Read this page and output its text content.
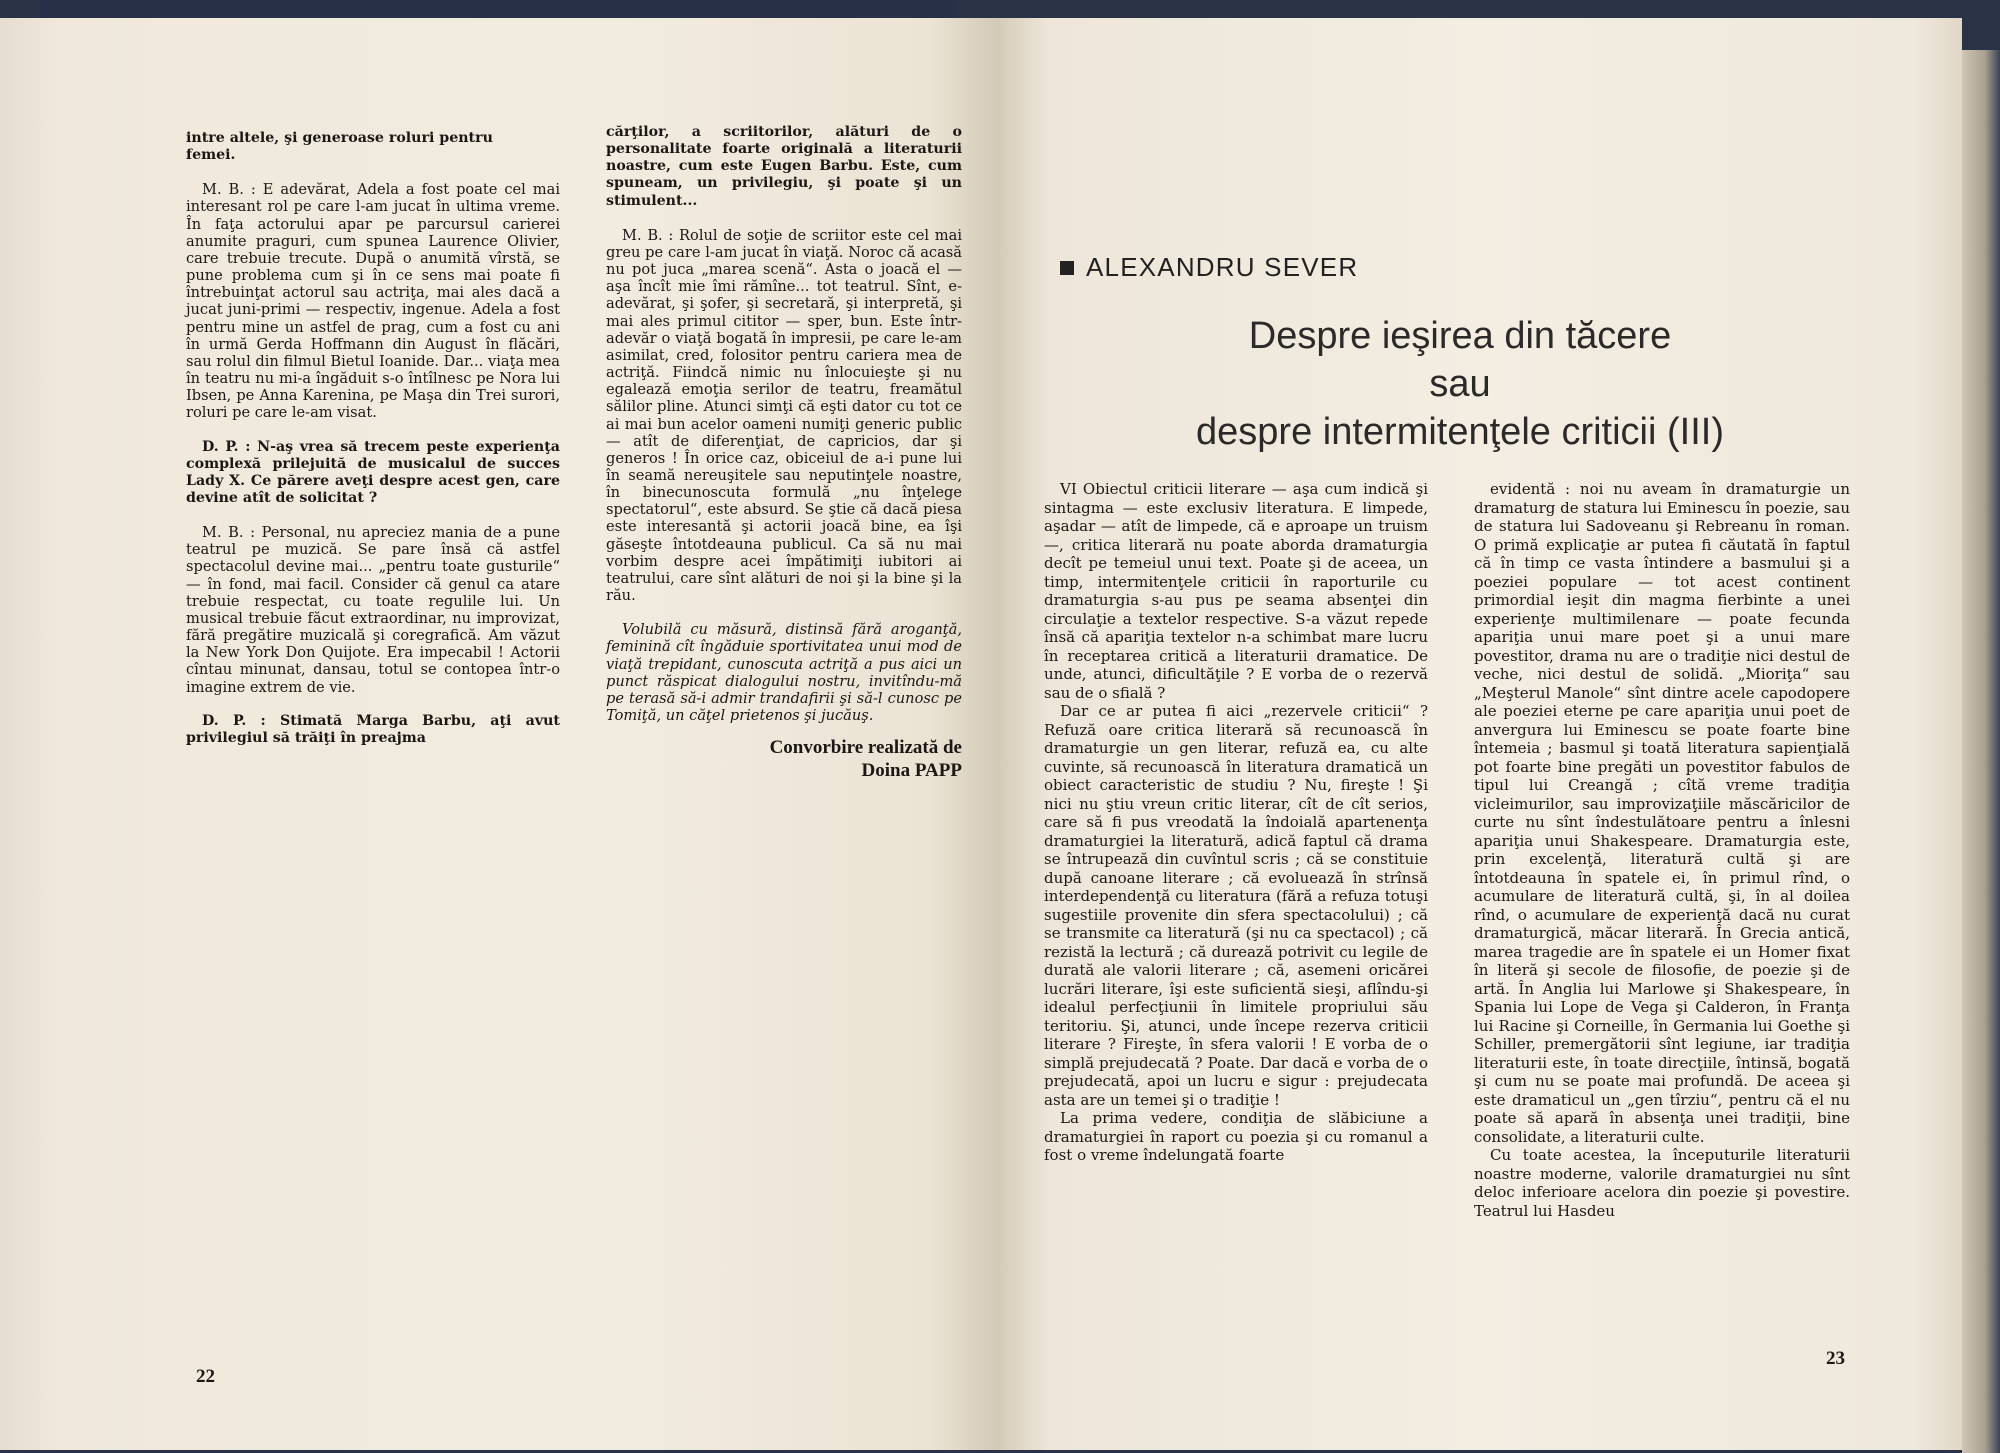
intre altele, şi generoase roluri pentru

femei.

M. B. : E adevărat, Adela a fost poate cel mai interesant rol pe care l-am jucat în ultima vreme. În faţa actorului apar pe parcursul carierei anumite praguri, cum spunea Laurence Olivier, care trebuie trecute. După o anumită vîrstă, se pune problema cum şi în ce sens mai poate fi întrebuinţat actorul sau actriţa, mai ales dacă a jucat juni-primi — respectiv, ingenue. Adela a fost pentru mine un astfel de prag, cum a fost cu ani în urmă Gerda Hoffmann din August în flăcări, sau rolul din filmul Bietul Ioanide. Dar... viaţa mea în teatru nu mi-a îngăduit s-o întîlnesc pe Nora lui Ibsen, pe Anna Karenina, pe Maşa din Trei surori, roluri pe care le-am visat.

D. P. : N-aş vrea să trecem peste experienţa complexă prilejuită de musicalul de succes Lady X. Ce părere aveţi despre acest gen, care devine atît de solicitat ?

M. B. : Personal, nu apreciez mania de a pune teatrul pe muzică. Se pare însă că astfel spectacolul devine mai... „pentru toate gusturile“ — în fond, mai facil. Consider că genul ca atare trebuie respectat, cu toate regulile lui. Un musical trebuie făcut extraordinar, nu improvizat, fără pregătire muzicală şi coregrafică. Am văzut la New York Don Quijote. Era impecabil ! Actorii cîntau minunat, dansau, totul se contopea într-o imagine extrem de vie.

D. P. : Stimată Marga Barbu, aţi avut privilegiul să trăiţi în preajma

cărţilor, a scriitorilor, alături de o personalitate foarte originală a literaturii noastre, cum este Eugen Barbu. Este, cum spuneam, un privilegiu, şi poate şi un stimulent...

M. B. : Rolul de soţie de scriitor este cel mai greu pe care l-am jucat în viaţă. Noroc că acasă nu pot juca „marea scenă“. Asta o joacă el — aşa încît mie îmi rămîne... tot teatrul. Sînt, e-adevărat, şi şofer, şi secretară, şi interpretă, şi mai ales primul cititor — sper, bun. Este într-adevăr o viaţă bogată în impresii, pe care le-am asimilat, cred, folositor pentru cariera mea de actriţă. Fiindcă nimic nu înlocuieşte şi nu egalează emoţia serilor de teatru, freamătul sălilor pline. Atunci simţi că eşti dator cu tot ce ai mai bun acelor oameni numiţi generic public — atît de diferenţiat, de capricios, dar şi generos ! În orice caz, obiceiul de a-i pune lui în seamă nereuşitele sau neputinţele noastre, în binecunoscuta formulă „nu înţelege spectatorul“, este absurd. Se ştie că dacă piesa este interesantă şi actorii joacă bine, ea îşi găseşte întotdeauna publicul. Ca să nu mai vorbim despre acei împătimiţi iubitori ai teatrului, care sînt alături de noi şi la bine şi la rău.

Volubilă cu măsură, distinsă fără aroganţă, feminină cît îngăduie sportivitatea unui mod de viaţă trepidant, cunoscuta actriţă a pus aici un punct răspicat dialogului nostru, invitîndu-mă pe terasă să-i admir trandafirii şi să-l cunosc pe Tomiţă, un căţel prietenos şi jucăuş.

Convorbire realizată de
Doina PAPP
22
ALEXANDRU SEVER
Despre ieşirea din tăcere
sau
despre intermitenţele criticii (III)

VI Obiectul criticii literare — aşa cum indică şi sintagma — este exclusiv literatura. E limpede, aşadar — atît de limpede, că e aproape un truism —, critica literară nu poate aborda dramaturgia decît pe temeiul unui text. Poate şi de aceea, un timp, intermitenţele criticii în raporturile cu dramaturgia s-au pus pe seama absenţei din circulaţie a textelor respective. S-a văzut repede însă că apariţia textelor n-a schimbat mare lucru în receptarea critică a literaturii dramatice. De unde, atunci, dificultăţile ? E vorba de o rezervă sau de o sfială ?

Dar ce ar putea fi aici „rezervele criticii“ ? Refuză oare critica literară să recunoască în dramaturgie un gen literar, refuză ea, cu alte cuvinte, să recunoască în literatura dramatică un obiect caracteristic de studiu ? Nu, fireşte ! Şi nici nu ştiu vreun critic literar, cît de cît serios, care să fi pus vreodată la îndoială apartenenţa dramaturgiei la literatură, adică faptul că drama se întrupează din cuvîntul scris ; că se constituie după canoane literare ; că evoluează în strînsă interdependenţă cu literatura (fără a refuza totuşi sugestiile provenite din sfera spectacolului) ; că se transmite ca literatură (şi nu ca spectacol) ; că rezistă la lectură ; că durează potrivit cu legile de durată ale valorii literare ; că, asemeni oricărei lucrări literare, îşi este suficientă sieşi, aflîndu-şi idealul perfecţiunii în limitele propriului său teritoriu. Şi, atunci, unde începe rezerva criticii literare ? Fireşte, în sfera valorii ! E vorba de o simplă prejudecată ? Poate. Dar dacă e vorba de o prejudecată, apoi un lucru e sigur : prejudecata asta are un temei şi o tradiţie !

La prima vedere, condiţia de slăbiciune a dramaturgiei în raport cu poezia şi cu romanul a fost o vreme îndelungată foarte

evidentă : noi nu aveam în dramaturgie un dramaturg de statura lui Eminescu în poezie, sau de statura lui Sadoveanu şi Rebreanu în roman. O primă explicaţie ar putea fi căutată în faptul că în timp ce vasta întindere a basmului şi a poeziei populare — tot acest continent primordial ieşit din magma fierbinte a unei experienţe multimilenare — poate fecunda apariţia unui mare poet şi a unui mare povestitor, drama nu are o tradiţie nici destul de veche, nici destul de solidă. „Mioriţa“ sau „Meşterul Manole“ sînt dintre acele capodopere ale poeziei eterne pe care apariţia unui poet de anvergura lui Eminescu se poate foarte bine întemeia ; basmul şi toată literatura sapienţială pot foarte bine pregăti un povestitor fabulos de tipul lui Creangă ; cîtă vreme tradiţia vicleimurilor, sau improvizaţiile măscăricilor de curte nu sînt îndestulătoare pentru a înlesni apariţia unui Shakespeare. Dramaturgia este, prin excelenţă, literatură cultă şi are întotdeauna în spatele ei, în primul rînd, o acumulare de literatură cultă, şi, în al doilea rînd, o acumulare de experienţă dacă nu curat dramaturgică, măcar literară. În Grecia antică, marea tragedie are în spatele ei un Homer fixat în literă şi secole de filosofie, de poezie şi de artă. În Anglia lui Marlowe şi Shakespeare, în Spania lui Lope de Vega şi Calderon, în Franţa lui Racine şi Corneille, în Germania lui Goethe şi Schiller, premergătorii sînt legiune, iar tradiţia literaturii este, în toate direcţiile, întinsă, bogată şi cum nu se poate mai profundă. De aceea şi este dramaticul un „gen tîrziu“, pentru că el nu poate să apară în absenţa unei tradiţii, bine consolidate, a literaturii culte.

Cu toate acestea, la începuturile literaturii noastre moderne, valorile dramaturgiei nu sînt deloc inferioare acelora din poezie şi povestire. Teatrul lui Hasdeu

23
